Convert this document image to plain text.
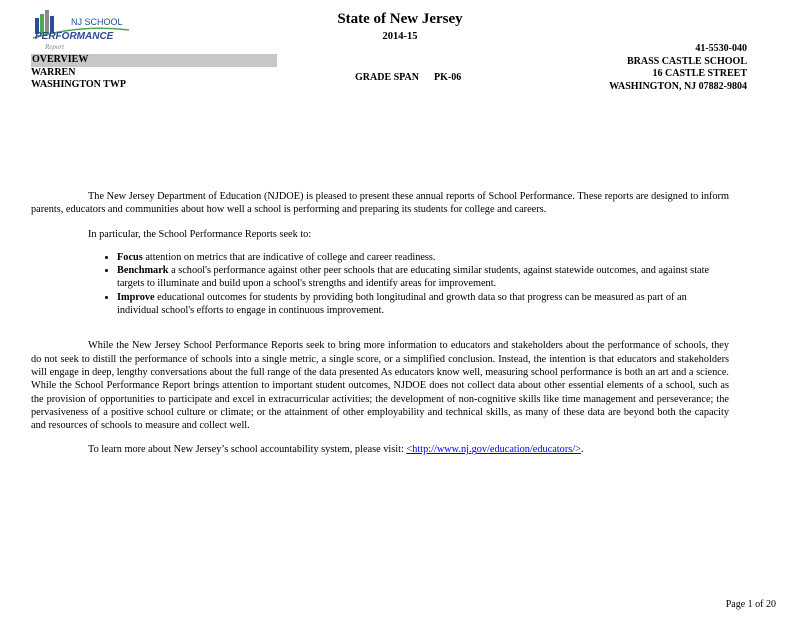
NJ SCHOOL
PERFORMANCE
Report
State of New Jersey
2014-15
OVERVIEW
WARREN
WASHINGTON TWP
GRADE SPAN PK-06
41-5530-040
BRASS CASTLE SCHOOL
16 CASTLE STREET
WASHINGTON, NJ 07882-9804

The New Jersey Department of Education (NJDOE) is pleased to present these annual reports of School Performance. These reports are designed to inform parents, educators and communities about how well a school is performing and preparing its students for college and careers.

In particular, the School Performance Reports seek to:

• Focus attention on metrics that are indicative of college and career readiness.
• Benchmark a school's performance against other peer schools that are educating similar students, against statewide outcomes, and against state targets to illuminate and build upon a school's strengths and identify areas for improvement.
• Improve educational outcomes for students by providing both longitudinal and growth data so that progress can be measured as part of an individual school's efforts to engage in continuous improvement.

While the New Jersey School Performance Reports seek to bring more information to educators and stakeholders about the performance of schools, they do not seek to distill the performance of schools into a single metric, a single score, or a simplified conclusion. Instead, the intention is that educators and stakeholders will engage in deep, lengthy conversations about the full range of the data presented As educators know well, measuring school performance is both an art and a science. While the School Performance Report brings attention to important student outcomes, NJDOE does not collect data about other essential elements of a school, such as the provision of opportunities to participate and excel in extracurricular activities; the development of non-cognitive skills like time management and perseverance; the pervasiveness of a positive school culture or climate; or the attainment of other employability and technical skills, as many of these data are beyond both the capacity and resources of schools to measure and collect well.

To learn more about New Jersey’s school accountability system, please visit: <http://www.nj.gov/education/educators/>.

Page 1 of 20
